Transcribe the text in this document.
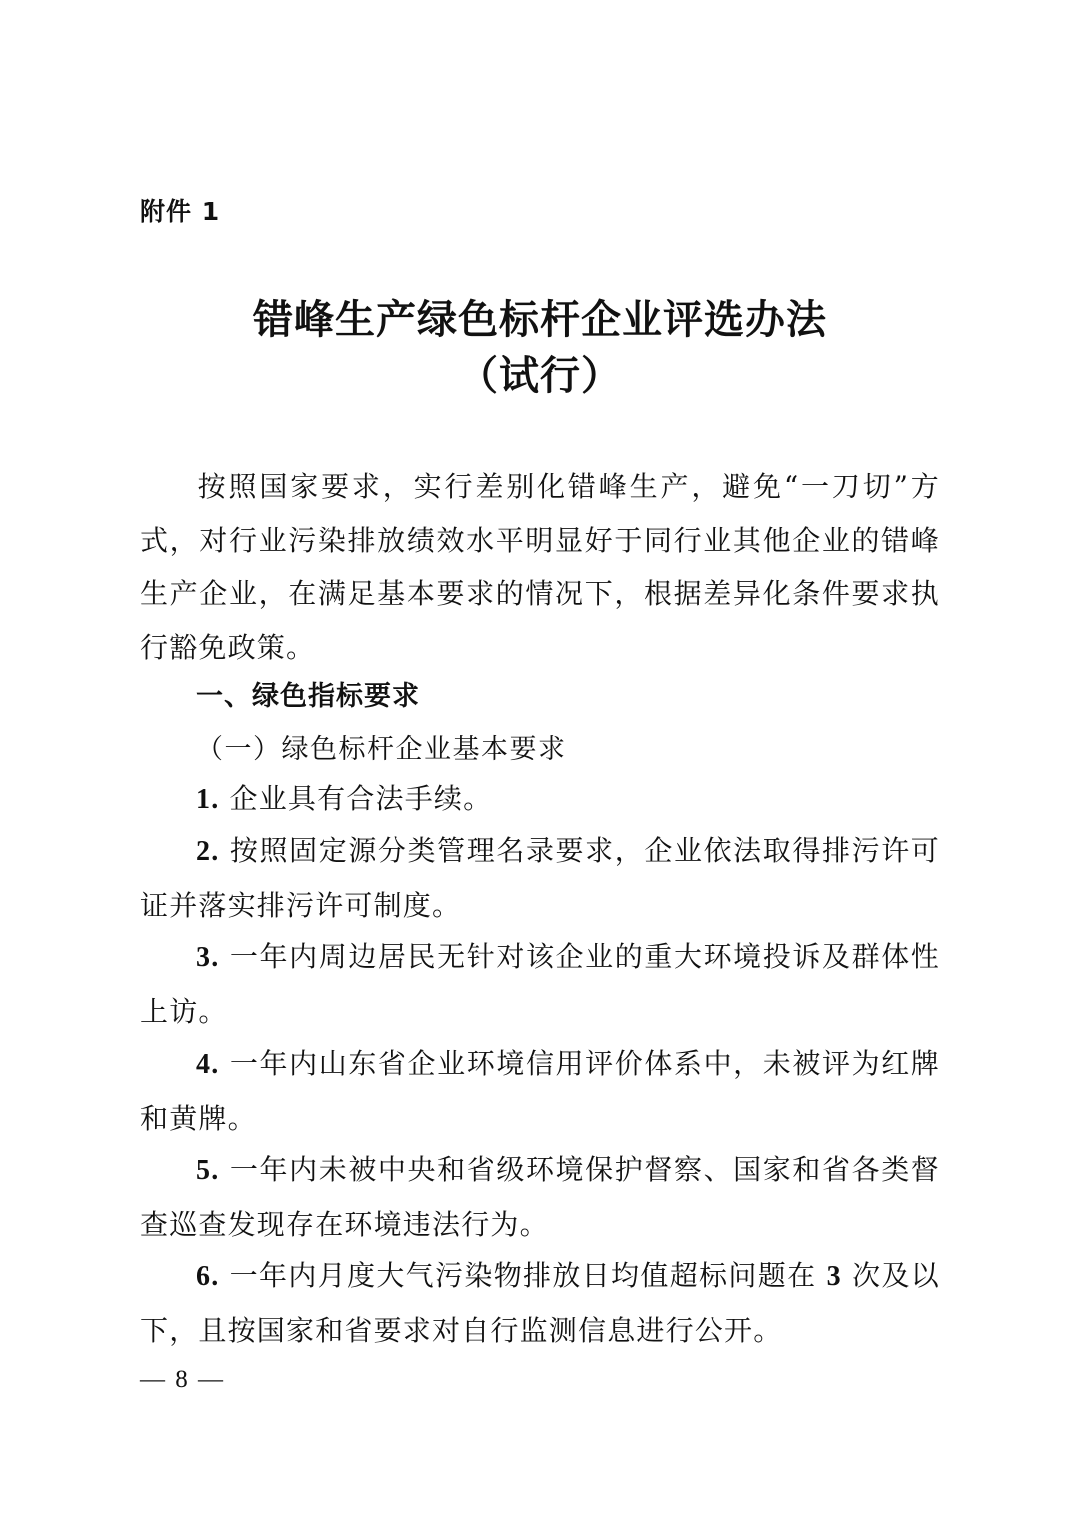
附件 1
错峰生产绿色标杆企业评选办法
（试行）

按照国家要求，实行差别化错峰生产，避免“一刀切”方式，对行业污染排放绩效水平明显好于同行业其他企业的错峰生产企业，在满足基本要求的情况下，根据差异化条件要求执行豁免政策。

一、绿色指标要求
（一）绿色标杆企业基本要求

1. 企业具有合法手续。

2. 按照固定源分类管理名录要求，企业依法取得排污许可证并落实排污许可制度。

3. 一年内周边居民无针对该企业的重大环境投诉及群体性上访。

4. 一年内山东省企业环境信用评价体系中，未被评为红牌和黄牌。

5. 一年内未被中央和省级环境保护督察、国家和省各类督查巡查发现存在环境违法行为。

6. 一年内月度大气污染物排放日均值超标问题在 3 次及以下，且按国家和省要求对自行监测信息进行公开。

— 8 —
